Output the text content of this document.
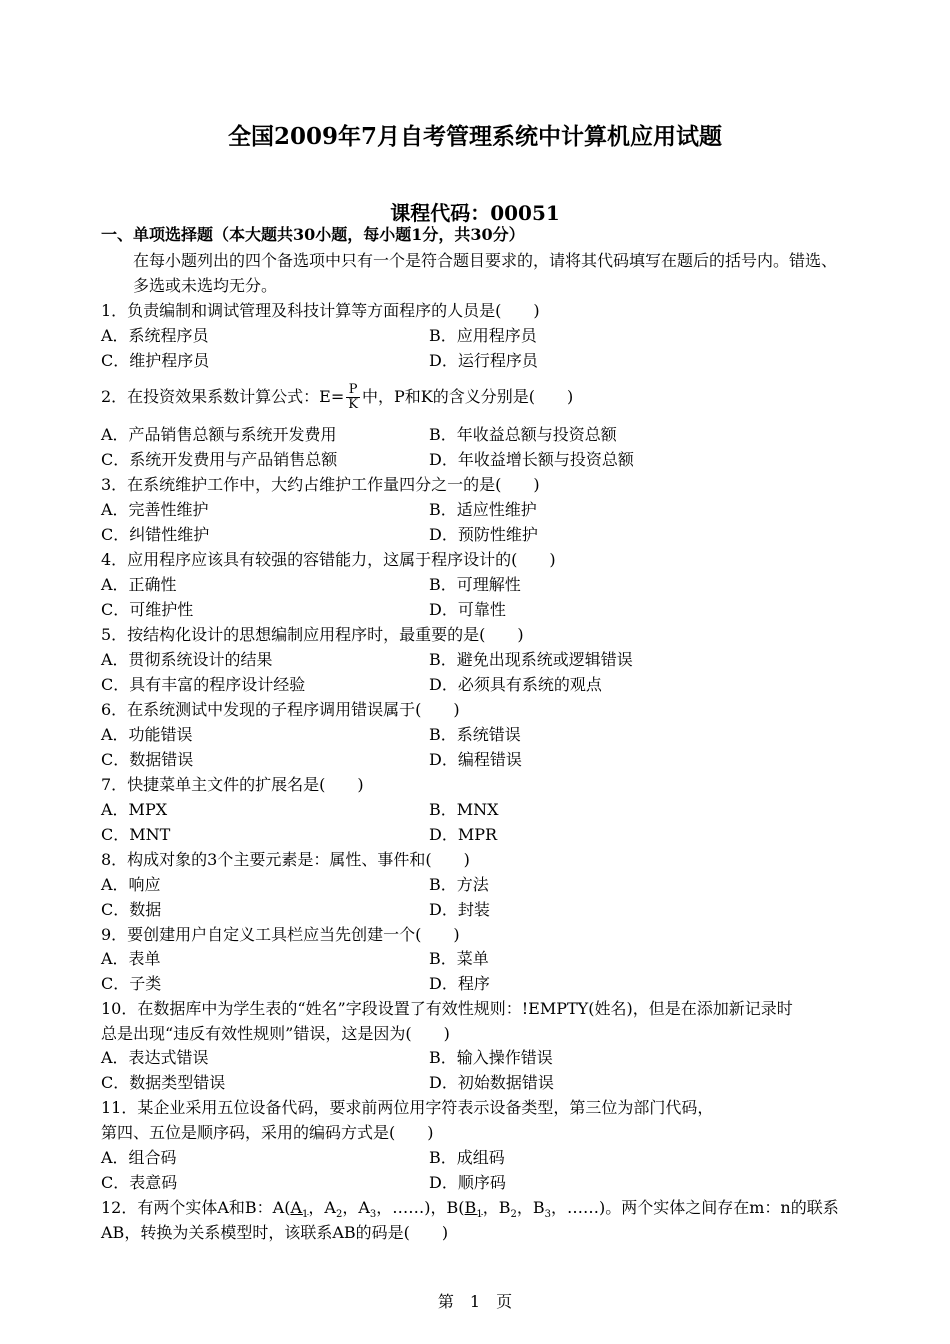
全国2009年7月自考管理系统中计算机应用试题
课程代码：00051
一、单项选择题（本大题共30小题，每小题1分，共30分）
在每小题列出的四个备选项中只有一个是符合题目要求的，请将其代码填写在题后的括号内。错选、
多选或未选均无分。
1．负责编制和调试管理及科技计算等方面程序的人员是(　　)
A．系统程序员	B．应用程序员
C．维护程序员	D．运行程序员
2．在投资效果系数计算公式：$E= \frac{P}{K}$ 中，P和K的含义分别是(　　)
A．产品销售总额与系统开发费用	B．年收益总额与投资总额
C．系统开发费用与产品销售总额	D．年收益增长额与投资总额
3．在系统维护工作中，大约占维护工作量四分之一的是(　　)
A．完善性维护	B．适应性维护
C．纠错性维护	D．预防性维护
4．应用程序应该具有较强的容错能力，这属于程序设计的(　　)
A．正确性	B．可理解性
C．可维护性	D．可靠性
5．按结构化设计的思想编制应用程序时，最重要的是(　　)
A．贯彻系统设计的结果	B．避免出现系统或逻辑错误
C．具有丰富的程序设计经验	D．必须具有系统的观点
6．在系统测试中发现的子程序调用错误属于(　　)
A．功能错误	B．系统错误
C．数据错误	D．编程错误
7．快捷菜单主文件的扩展名是(　　)
A．MPX	B．MNX
C．MNT	D．MPR
8．构成对象的3个主要元素是：属性、事件和(　　)
A．响应	B．方法
C．数据	D．封装
9．要创建用户自定义工具栏应当先创建一个(　　)
A．表单	B．菜单
C．子类	D．程序
10．在数据库中为学生表的“姓名”字段设置了有效性规则：!EMPTY(姓名)，但是在添加新记录时
总是出现“违反有效性规则”错误，这是因为(　　)
A．表达式错误	B．输入操作错误
C．数据类型错误	D．初始数据错误
11．某企业采用五位设备代码，要求前两位用字符表示设备类型，第三位为部门代码，
第四、五位是顺序码，采用的编码方式是(　　)
A．组合码	B．成组码
C．表意码	D．顺序码
12．有两个实体A和B：$A(A_1$，$A_2$，$A_3$，……)，$B(B_1$，$B_2$，$B_3$，……)。两个实体之间存在m：n的联系
AB，转换为关系模型时，该联系AB的码是(　　)
第　1　页
